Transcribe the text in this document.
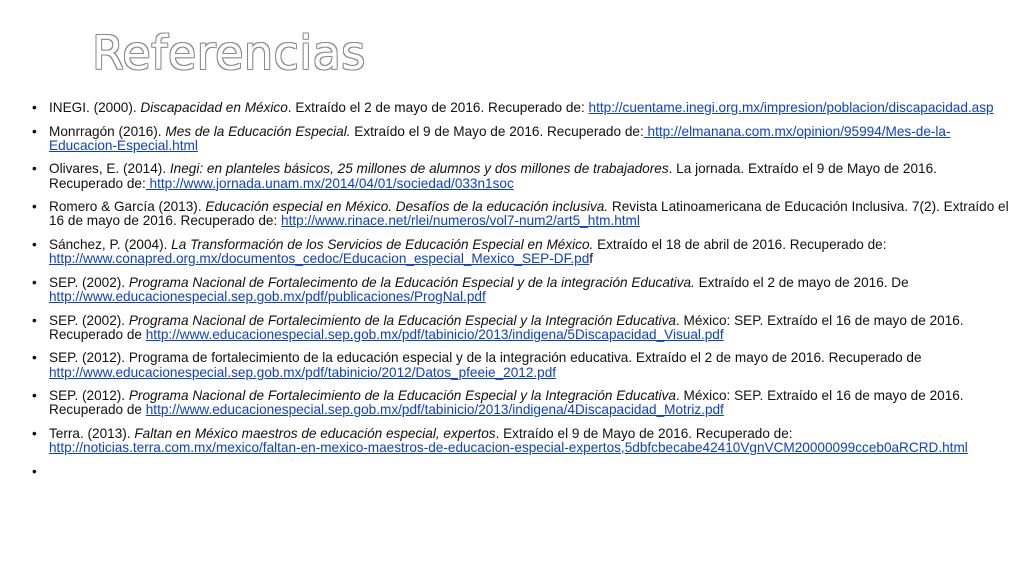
Referencias
• INEGI. (2000). Discapacidad en México. Extraído el 2 de mayo de 2016. Recuperado de: http://cuentame.inegi.org.mx/impresion/poblacion/discapacidad.asp
• Monrragón (2016). Mes de la Educación Especial. Extraído el 9 de Mayo de 2016. Recuperado de: http://elmanana.com.mx/opinion/95994/Mes-de-la-Educacion-Especial.html
• Olivares, E. (2014). Inegi: en planteles básicos, 25 millones de alumnos y dos millones de trabajadores. La jornada. Extraído el 9 de Mayo de 2016. Recuperado de: http://www.jornada.unam.mx/2014/04/01/sociedad/033n1soc
• Romero & García (2013). Educación especial en México. Desafíos de la educación inclusiva. Revista Latinoamericana de Educación Inclusiva. 7(2). Extraído el 16 de mayo de 2016. Recuperado de: http://www.rinace.net/rlei/numeros/vol7-num2/art5_htm.html
• Sánchez, P. (2004). La Transformación de los Servicios de Educación Especial en México. Extraído el 18 de abril de 2016. Recuperado de: http://www.conapred.org.mx/documentos_cedoc/Educacion_especial_Mexico_SEP-DF.pdf
• SEP. (2002). Programa Nacional de Fortalecimento de la Educación Especial y de la integración Educativa. Extraído el 2 de mayo de 2016. De http://www.educacionespecial.sep.gob.mx/pdf/publicaciones/ProgNal.pdf
• SEP. (2002). Programa Nacional de Fortalecimiento de la Educación Especial y la Integración Educativa. México: SEP. Extraído el 16 de mayo de 2016. Recuperado de http://www.educacionespecial.sep.gob.mx/pdf/tabinicio/2013/indigena/5Discapacidad_Visual.pdf
• SEP. (2012). Programa de fortalecimiento de la educación especial y de la integración educativa. Extraído el 2 de mayo de 2016. Recuperado de http://www.educacionespecial.sep.gob.mx/pdf/tabinicio/2012/Datos_pfeeie_2012.pdf
• SEP. (2012). Programa Nacional de Fortalecimiento de la Educación Especial y la Integración Educativa. México: SEP. Extraído el 16 de mayo de 2016. Recuperado de http://www.educacionespecial.sep.gob.mx/pdf/tabinicio/2013/indigena/4Discapacidad_Motriz.pdf
• Terra. (2013). Faltan en México maestros de educación especial, expertos. Extraído el 9 de Mayo de 2016. Recuperado de: http://noticias.terra.com.mx/mexico/faltan-en-mexico-maestros-de-educacion-especial-expertos,5dbfcbecabe42410VgnVCM20000099cceb0aRCRD.html
•
